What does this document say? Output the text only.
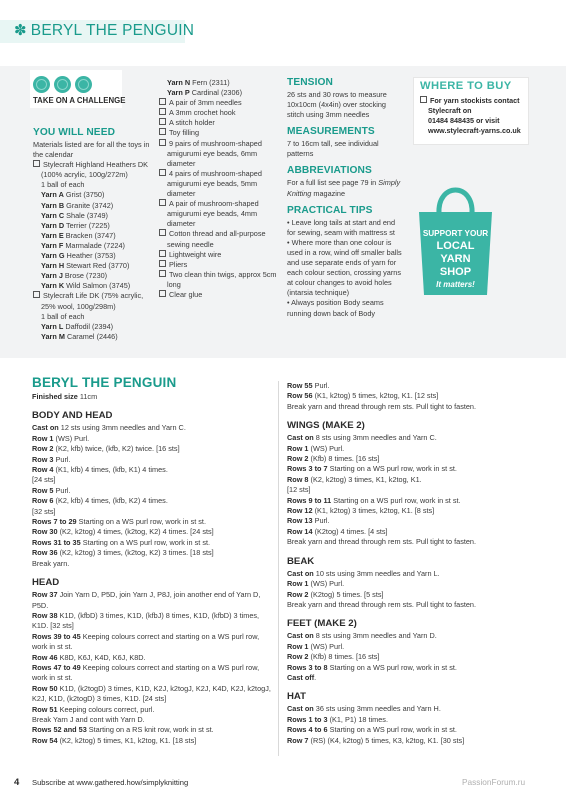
✽ BERYL THE PENGUIN
TAKE ON A CHALLENGE
YOU WILL NEED

Materials listed are for all the toys in the calendar

Stylecraft Highland Heathers DK

(100% acrylic, 100g/272m)

1 ball of each

Yarn A Grist (3750)

Yarn B Granite (3742)

Yarn C Shale (3749)

Yarn D Terrier (7225)

Yarn E Bracken (3747)

Yarn F Marmalade (7224)

Yarn G Heather (3753)

Yarn H Stewart Red (3770)

Yarn J Brose (7230)

Yarn K Wild Salmon (3745)

Stylecraft Life DK (75% acrylic,

25% wool, 100g/298m)

1 ball of each

Yarn L Daffodil (2394)

Yarn M Caramel (2446)

Yarn N Fern (2311)

Yarn P Cardinal (2306)

A pair of 3mm needles

A 3mm crochet hook

A stitch holder

Toy filling

9 pairs of mushroom-shaped amigurumi eye beads, 6mm diameter

4 pairs of mushroom-shaped amigurumi eye beads, 5mm diameter

A pair of mushroom-shaped amigurumi eye beads, 4mm diameter

Cotton thread and all-purpose sewing needle

Lightweight wire

Pliers

Two clean thin twigs, approx 5cm long

Clear glue

TENSION

26 sts and 30 rows to measure 10x10cm (4x4in) over stocking stitch using 3mm needles

MEASUREMENTS

7 to 16cm tall, see individual patterns

ABBREVIATIONS

For a full list see page 79 in Simply Knitting magazine

PRACTICAL TIPS

• Leave long tails at start and end for sewing, seam with mattress st

• Where more than one colour is used in a row, wind off smaller balls and use separate ends of yarn for each colour section, crossing yarns at colour changes to avoid holes (intarsia technique)

• Always position Body seams running down back of Body

WHERE TO BUY

For yarn stockists contact Stylecraft on

01484 848435 or visit

www.stylecraft-yarns.co.uk

SUPPORT YOUR
LOCAL
YARN
SHOP
It matters!
BERYL THE PENGUIN

Finished size 11cm

BODY AND HEAD

Cast on 12 sts using 3mm needles and Yarn C.

Row 1 (WS) Purl.

Row 2 (K2, kfb) twice, (kfb, K2) twice. [16 sts]

Row 3 Purl.

Row 4 (K1, kfb) 4 times, (kfb, K1) 4 times.

[24 sts]

Row 5 Purl.

Row 6 (K2, kfb) 4 times, (kfb, K2) 4 times.

[32 sts]

Rows 7 to 29 Starting on a WS purl row, work in st st.

Row 30 (K2, k2tog) 4 times, (k2tog, K2) 4 times. [24 sts]

Rows 31 to 35 Starting on a WS purl row, work in st st.

Row 36 (K2, k2tog) 3 times, (k2tog, K2) 3 times. [18 sts]

Break yarn.

HEAD

Row 37 Join Yarn D, P5D, join Yarn J, P8J, join another end of Yarn D, P5D.

Row 38 K1D, (kfbD) 3 times, K1D, (kfbJ) 8 times, K1D, (kfbD) 3 times, K1D. [32 sts]

Rows 39 to 45 Keeping colours correct and starting on a WS purl row, work in st st.

Row 46 K8D, K6J, K4D, K6J, K8D.

Rows 47 to 49 Keeping colours correct and starting on a WS purl row, work in st st.

Row 50 K1D, (k2togD) 3 times, K1D, K2J, k2togJ, K2J, K4D, K2J, k2togJ, K2J, K1D, (k2togD) 3 times, K1D. [24 sts]

Row 51 Keeping colours correct, purl.

Break Yarn J and cont with Yarn D.

Rows 52 and 53 Starting on a RS knit row, work in st st.

Row 54 (K2, k2tog) 5 times, K1, k2tog, K1. [18 sts]

Row 55 Purl.

Row 56 (K1, k2tog) 5 times, k2tog, K1. [12 sts]

Break yarn and thread through rem sts. Pull tight to fasten.

WINGS (MAKE 2)

Cast on 8 sts using 3mm needles and Yarn C.

Row 1 (WS) Purl.

Row 2 (Kfb) 8 times. [16 sts]

Rows 3 to 7 Starting on a WS purl row, work in st st.

Row 8 (K2, k2tog) 3 times, K1, k2tog, K1.

[12 sts]

Rows 9 to 11 Starting on a WS purl row, work in st st.

Row 12 (K1, k2tog) 3 times, k2tog, K1. [8 sts]

Row 13 Purl.

Row 14 (K2tog) 4 times. [4 sts]

Break yarn and thread through rem sts. Pull tight to fasten.

BEAK

Cast on 10 sts using 3mm needles and Yarn L.

Row 1 (WS) Purl.

Row 2 (K2tog) 5 times. [5 sts]

Break yarn and thread through rem sts. Pull tight to fasten.

FEET (MAKE 2)

Cast on 8 sts using 3mm needles and Yarn D.

Row 1 (WS) Purl.

Row 2 (Kfb) 8 times. [16 sts]

Rows 3 to 8 Starting on a WS purl row, work in st st.

Cast off.

HAT

Cast on 36 sts using 3mm needles and Yarn H.

Rows 1 to 3 (K1, P1) 18 times.

Rows 4 to 6 Starting on a WS purl row, work in st st.

Row 7 (RS) (K4, k2tog) 5 times, K3, k2tog, K1. [30 sts]

4 Subscribe at www.gathered.how/simplyknitting	PassionForum.ru
